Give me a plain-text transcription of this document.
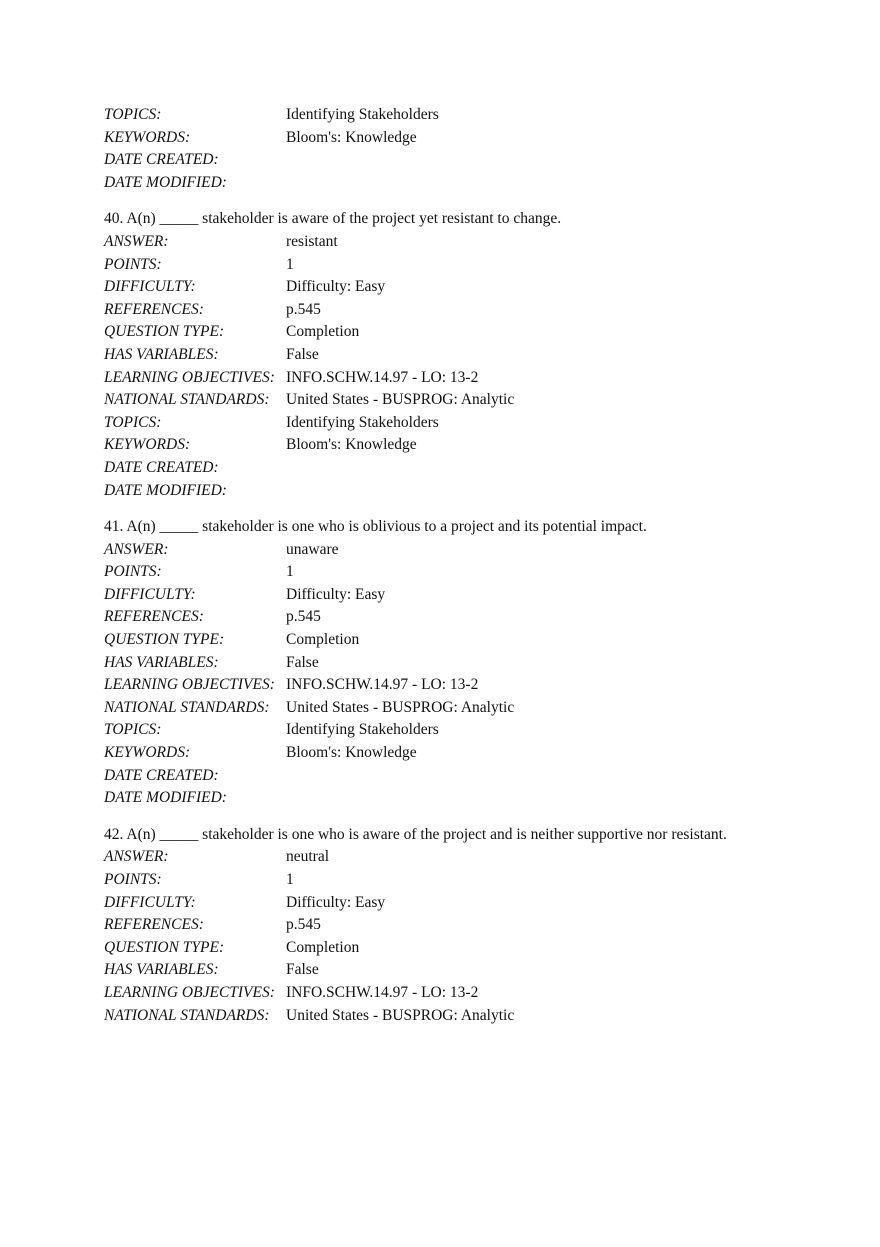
TOPICS:	Identifying Stakeholders
KEYWORDS:	Bloom's: Knowledge
DATE CREATED:
DATE MODIFIED:
40. A(n) _____ stakeholder is aware of the project yet resistant to change.
ANSWER:	resistant
POINTS:	1
DIFFICULTY:	Difficulty: Easy
REFERENCES:	p.545
QUESTION TYPE:	Completion
HAS VARIABLES:	False
LEARNING OBJECTIVES: INFO.SCHW.14.97 - LO: 13-2
NATIONAL STANDARDS:	United States - BUSPROG: Analytic
TOPICS:	Identifying Stakeholders
KEYWORDS:	Bloom's: Knowledge
DATE CREATED:
DATE MODIFIED:
41. A(n) _____ stakeholder is one who is oblivious to a project and its potential impact.
ANSWER:	unaware
POINTS:	1
DIFFICULTY:	Difficulty: Easy
REFERENCES:	p.545
QUESTION TYPE:	Completion
HAS VARIABLES:	False
LEARNING OBJECTIVES: INFO.SCHW.14.97 - LO: 13-2
NATIONAL STANDARDS:	United States - BUSPROG: Analytic
TOPICS:	Identifying Stakeholders
KEYWORDS:	Bloom's: Knowledge
DATE CREATED:
DATE MODIFIED:
42. A(n) _____ stakeholder is one who is aware of the project and is neither supportive nor resistant.
ANSWER:	neutral
POINTS:	1
DIFFICULTY:	Difficulty: Easy
REFERENCES:	p.545
QUESTION TYPE:	Completion
HAS VARIABLES:	False
LEARNING OBJECTIVES: INFO.SCHW.14.97 - LO: 13-2
NATIONAL STANDARDS:	United States - BUSPROG: Analytic
